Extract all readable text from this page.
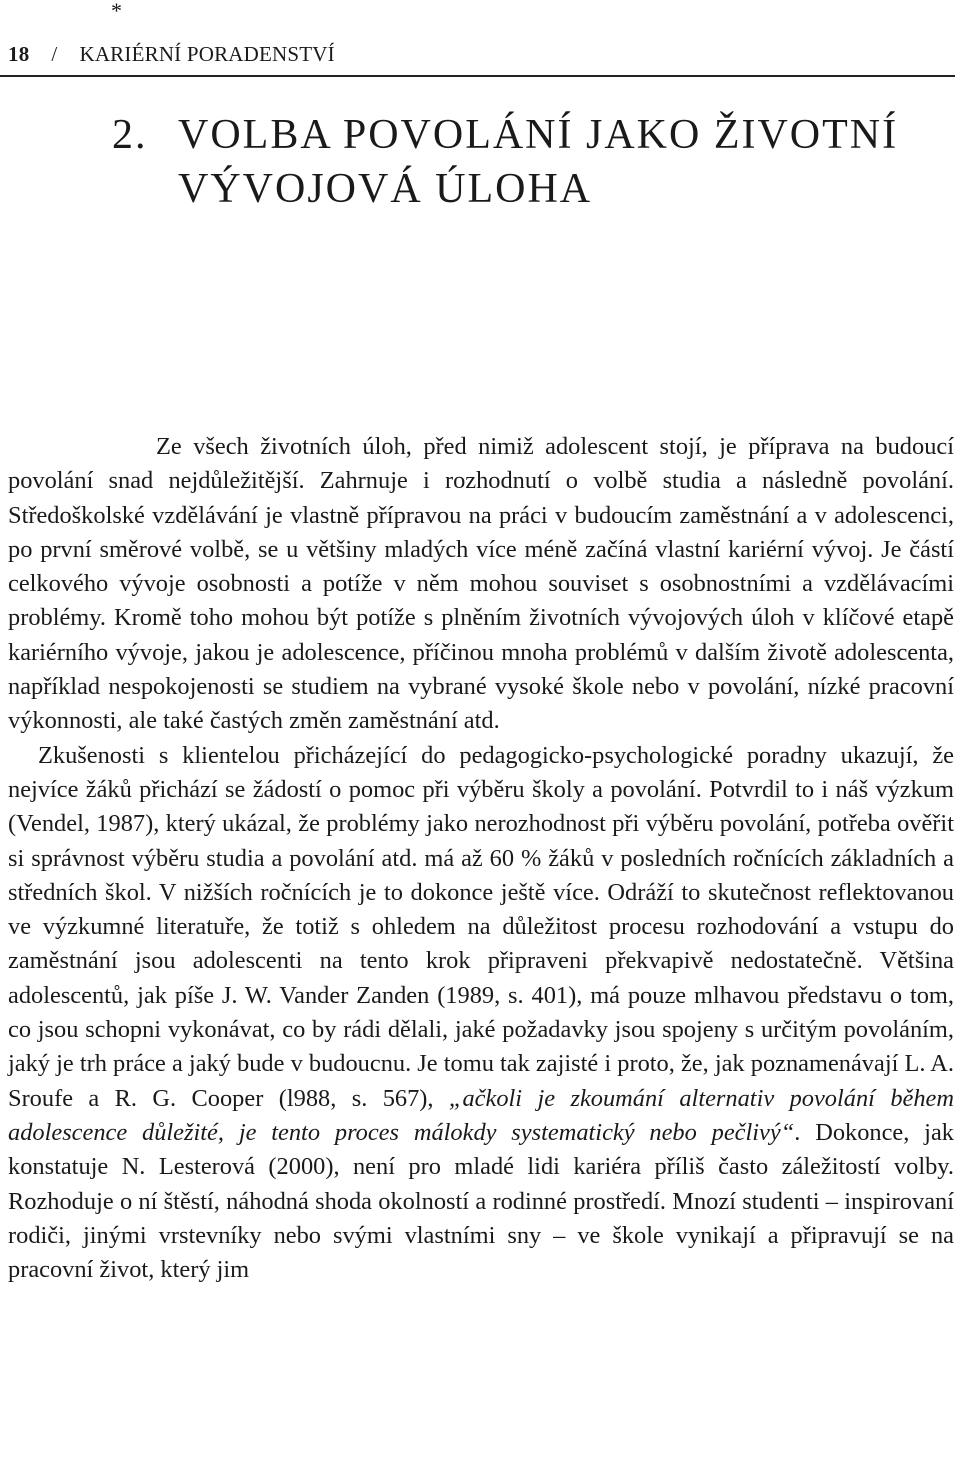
*
18 / KARIÉRNÍ PORADENSTVÍ
2. VOLBA POVOLÁNÍ JAKO ŽIVOTNÍ
VÝVOJOVÁ ÚLOHA

Ze všech životních úloh, před nimiž adolescent stojí, je příprava na budoucí povolání snad nejdůležitější. Zahrnuje i rozhodnutí o volbě studia a následně povolání. Středoškolské vzdělávání je vlastně přípravou na práci v budoucím zaměstnání a v adolescenci, po první směrové volbě, se u většiny mladých více méně začíná vlastní kariérní vývoj. Je částí celkového vývoje osobnosti a potíže v něm mohou souviset s osobnostními a vzdělávacími problémy. Kromě toho mohou být potíže s plněním životních vývojových úloh v klíčové etapě kariérního vývoje, jakou je adolescence, příčinou mnoha problémů v dalším životě adolescenta, například nespokojenosti se studiem na vybrané vysoké škole nebo v povolání, nízké pracovní výkonnosti, ale také častých změn zaměstnání atd.

Zkušenosti s klientelou přicházející do pedagogicko-psychologické poradny ukazují, že nejvíce žáků přichází se žádostí o pomoc při výběru školy a povolání. Potvrdil to i náš výzkum (Vendel, 1987), který ukázal, že problémy jako nerozhodnost při výběru povolání, potřeba ověřit si správnost výběru studia a povolání atd. má až 60 % žáků v posledních ročnících základních a středních škol. V nižších ročnících je to dokonce ještě více. Odráží to skutečnost reflektovanou ve výzkumné literatuře, že totiž s ohledem na důležitost procesu rozhodování a vstupu do zaměstnání jsou adolescenti na tento krok připraveni překvapivě nedostatečně. Většina adolescentů, jak píše J. W. Vander Zanden (1989, s. 401), má pouze mlhavou představu o tom, co jsou schopni vykonávat, co by rádi dělali, jaké požadavky jsou spojeny s určitým povoláním, jaký je trh práce a jaký bude v budoucnu. Je tomu tak zajisté i proto, že, jak poznamenávají L. A. Sroufe a R. G. Cooper (l988, s. 567), „ačkoli je zkoumání alternativ povolání během adolescence důležité, je tento proces málokdy systematický nebo pečlivý“. Dokonce, jak konstatuje N. Lesterová (2000), není pro mladé lidi kariéra příliš často záležitostí volby. Rozhoduje o ní štěstí, náhodná shoda okolností a rodinné prostředí. Mnozí studenti – inspirovaní rodiči, jinými vrstevníky nebo svými vlastními sny – ve škole vynikají a připravují se na pracovní život, který jim
